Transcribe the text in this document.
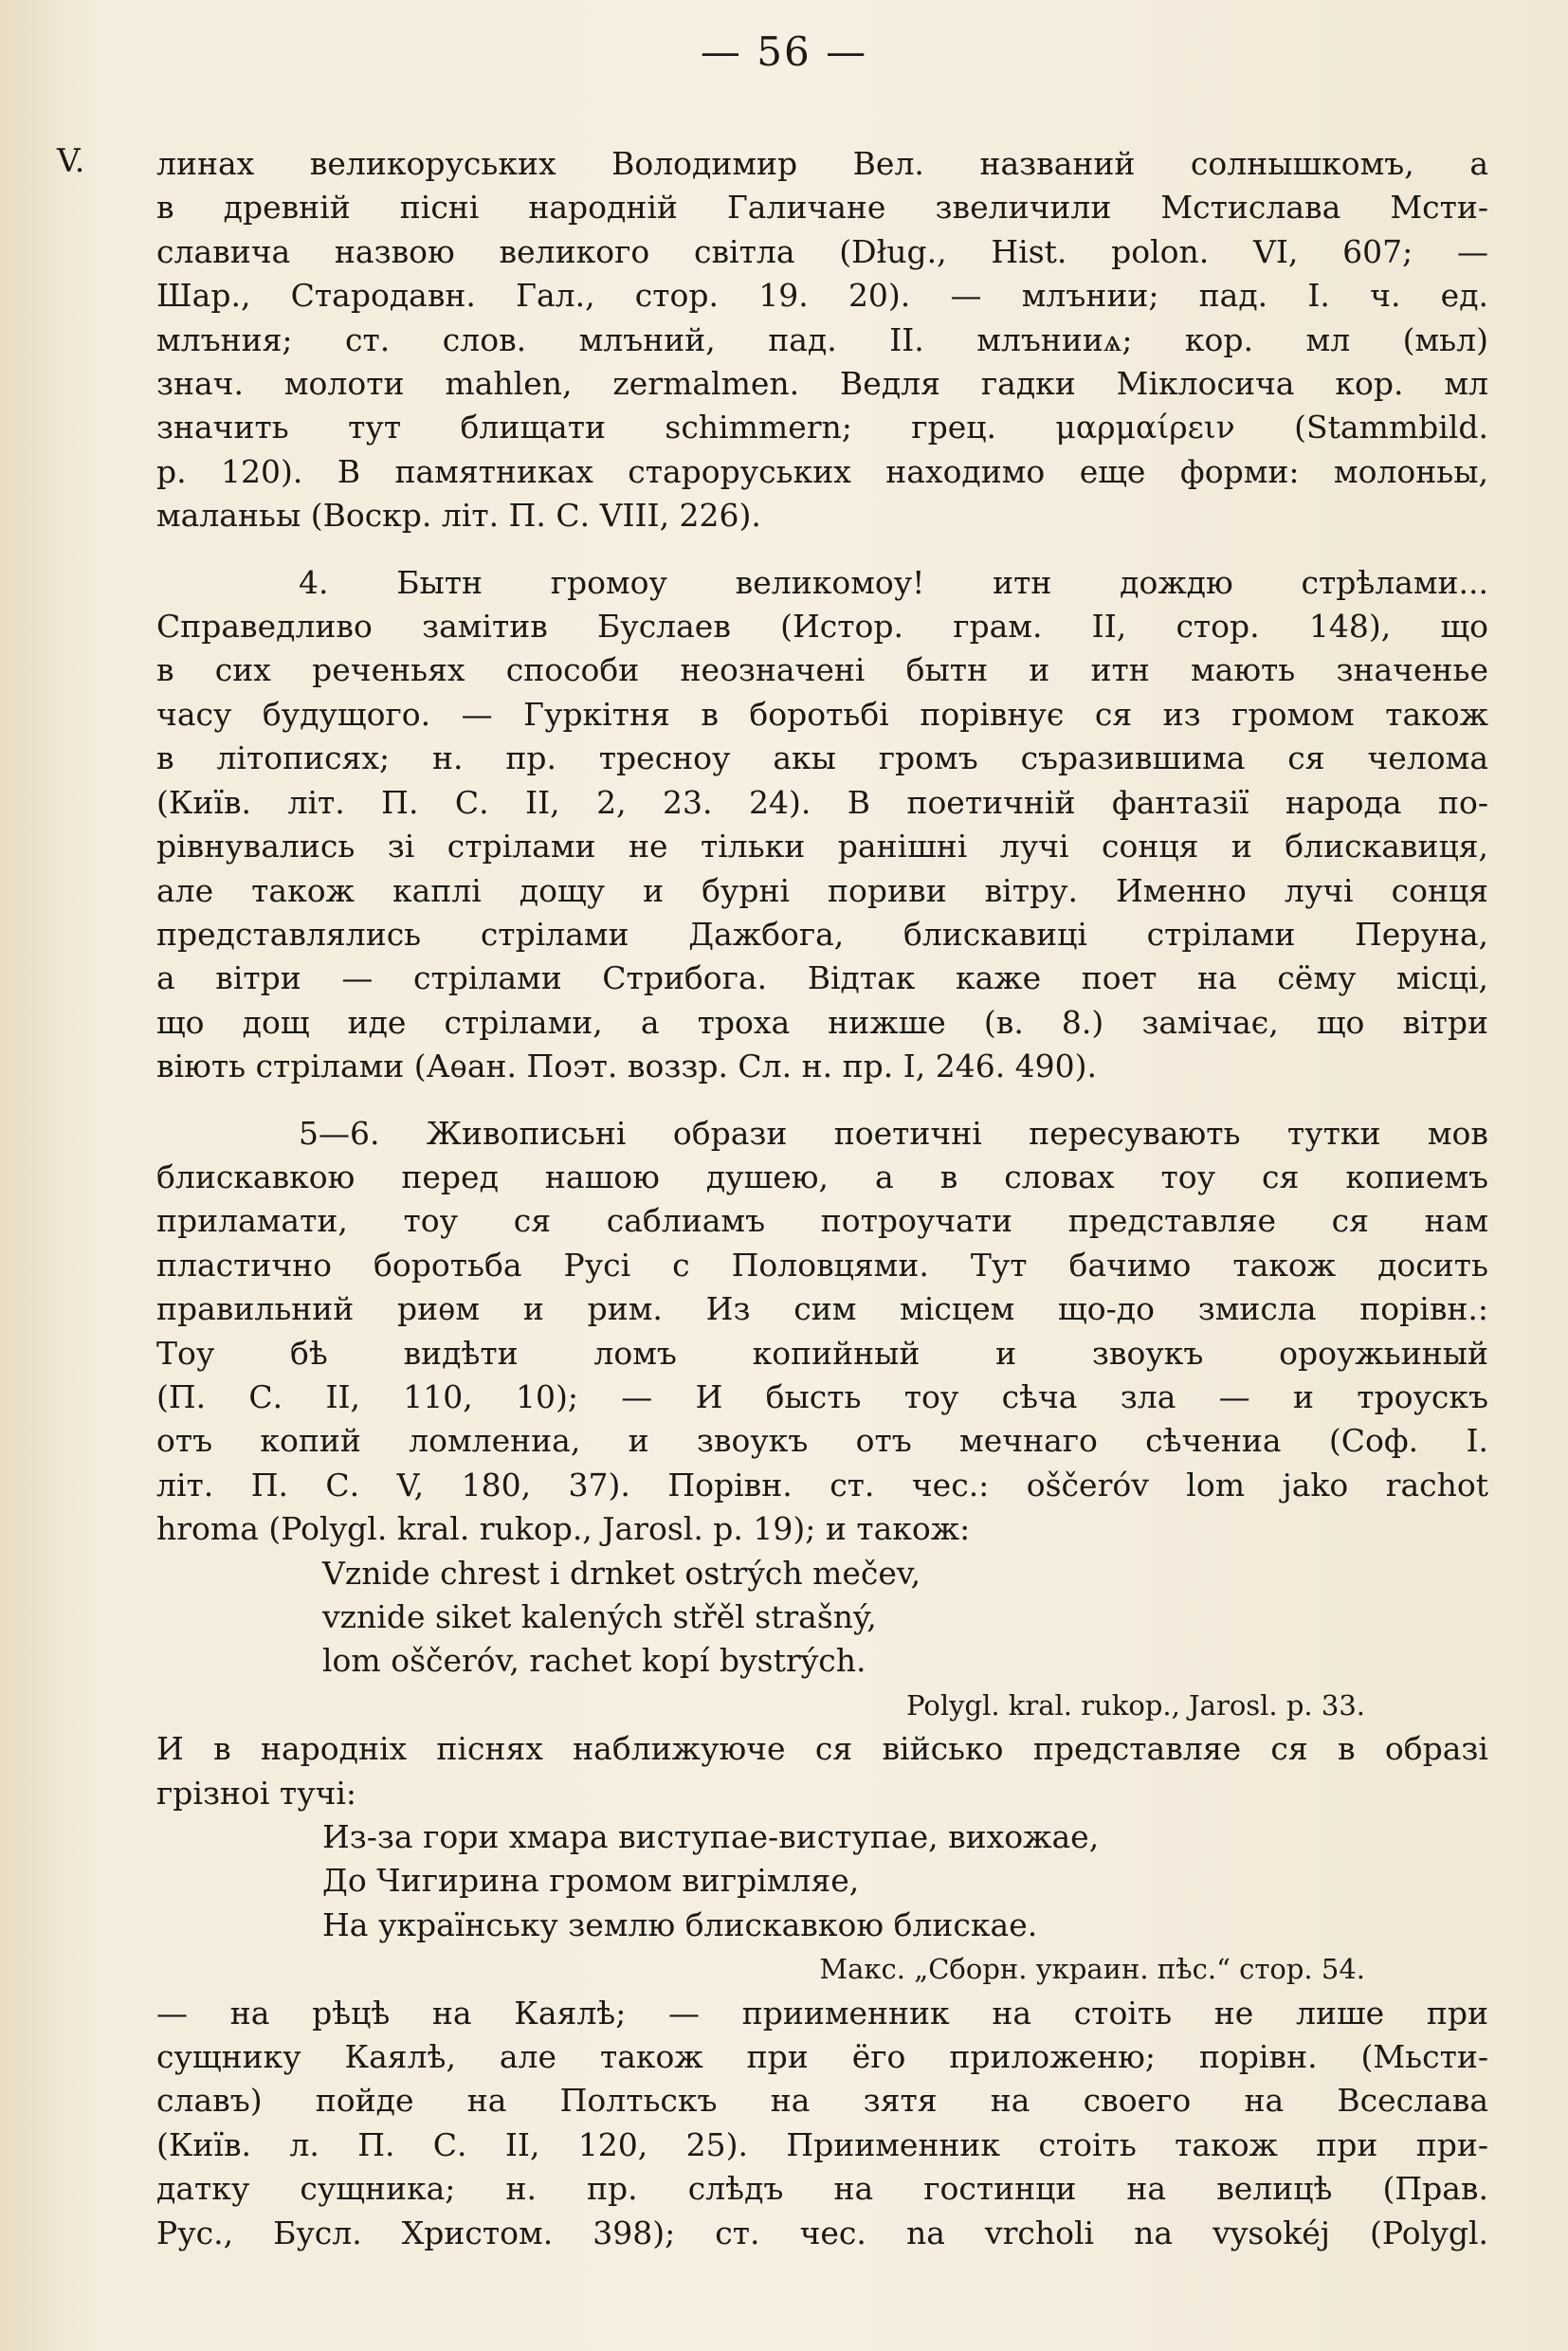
— 56 —
V. линах великоруських Володимир Вел. названий солнышкомъ, а
в древній пісні народній Галичане звеличили Мстислава Мсти-
славича назвою великого світла (Dług., Hist. polon. VI, 607; —
Шар., Стародавн. Гал., стор. 19. 20). — млънии; пад. І. ч. ед.
млъния; ст. слов. млъний, пад. II. млънииѧ; кор. мл (мьл)
знач. молоти mahlen, zermalmen. Ведля гадки Міклосича кор. мл
значить тут блищати schimmern; грец. μαρμαίρειν (Stammbild.
p. 120). В памятниках староруських находимо еще форми: молоньы,
маланьы (Воскр. літ. П. С. VIII, 226).
4. Бытн громоу великомоу! итн дождю стрѣлами...
Справедливо замітив Буслаев (Истор. грам. II, стор. 148), що
в сих реченьях способи неозначені бытн и итн мають значенье
часу будущого. — Гуркітня в боротьбі порівнує ся из громом також
в літописях; н. пр. тресноу акы громъ съразившима ся челома
(Київ. літ. П. С. II, 2, 23. 24). В поетичній фантазії народа по-
рівнувались зі стрілами не тільки ранішні лучі сонця и блискавиця,
але також каплі дощу и бурні пориви вітру. Именно лучі сонця
представлялись стрілами Дажбога, блискавиці стрілами Перуна,
а вітри — стрілами Стрибога. Відтак каже поет на сёму місці,
що дощ иде стрілами, а троха нижше (в. 8.) замічає, що вітри
віють стрілами (Аѳан. Поэт. воззр. Сл. н. пр. I, 246. 490).
5—6. Живописьні образи поетичні пересувають тутки мов
блискавкою перед нашою душею, а в словах тоу ся копиемъ
приламати, тоу ся саблиамъ потроучати представляе ся нам
пластично боротьба Русі с Половцями. Тут бачимо також досить
правильний риѳм и рим. Из сим місцем що-до змисла порівн.:
Тоу бѣ видѣти ломъ копийный и звоукъ ороужьиный
(П. С. II, 110, 10); — И бысть тоу сѣча зла — и троускъ
отъ копий ломлениа, и звоукъ отъ мечнаго сѣчениа (Соф. І.
літ. П. С. V, 180, 37). Порівн. ст. чес.: oščerόv lom jako rachot
hroma (Polygl. kral. rukop., Jarosl. p. 19); и також:
Vznide chrest i drnket ostrých mečev,
vznide siket kalených střěl strašný,
lom oščerόv, rachet kopí bystrých.
Polygl. kral. rukop., Jarosl. p. 33.
И в народніх піснях наближуюче ся військо представляе ся в образі
грізноі тучі:
Из-за гори хмара виступае-виступае, вихожае,
До Чигирина громом вигрімляе,
На українську землю блискавкою блискае.
Макс. „Сборн. украин. пѣс.“ стор. 54.
— на рѣцѣ на Каялѣ; — приименник на стоіть не лише при
сущнику Каялѣ, але також при ёго приложеню; порівн. (Мьсти-
славъ) пойде на Полтьскъ на зятя на своего на Всеслава
(Київ. л. П. С. II, 120, 25). Приименник стоіть також при при-
датку сущника; н. пр. слѣдъ на гостинци на велицѣ (Прав.
Рус., Бусл. Христом. 398); ст. чес. na vrcholi na vysokéj (Polygl.
